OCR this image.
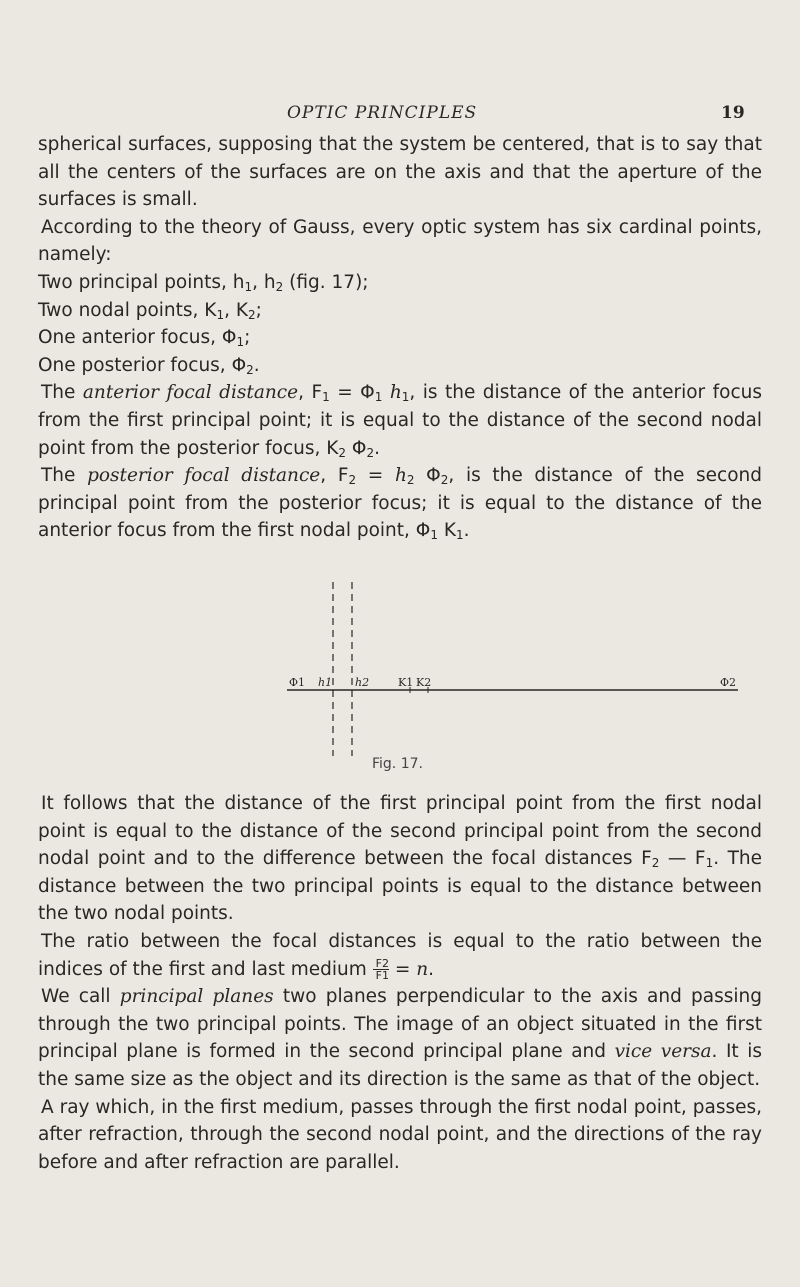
OPTIC PRINCIPLES	19

spherical surfaces, supposing that the system be centered, that is to say that all the centers of the surfaces are on the axis and that the aperture of the surfaces is small.

According to the theory of Gauss, every optic system has six cardinal points, namely:

Two principal points, $h_1$, $h_2$ (fig. 17);

Two nodal points, $K_1$, $K_2$;

One anterior focus, $\Phi_1$;

One posterior focus, $\Phi_2$.

The anterior focal distance, $F_1 = \Phi_1$ $h_1$, is the distance of the anterior focus from the first principal point; it is equal to the distance of the second nodal point from the posterior focus, $K_2$ $\Phi_2$.

The posterior focal distance, $F_2 = h_2$ $\Phi_2$, is the distance of the second principal point from the posterior focus; it is equal to the distance of the anterior focus from the first nodal point, $\Phi_1$ $K_1$.

Φ1 h1 h2	K1 K2	Φ2
Fig. 17.

It follows that the distance of the first principal point from the first nodal point is equal to the distance of the second principal point from the second nodal point and to the difference between the focal distances $F_2$ — $F_1$. The distance between the two principal points is equal to the distance between the two nodal points.

The ratio between the focal distances is equal to the ratio between the indices of the first and last medium $\frac{F2}{F1} = n$.

We call principal planes two planes perpendicular to the axis and passing through the two principal points. The image of an object situated in the first principal plane is formed in the second principal plane and vice versa. It is the same size as the object and its direction is the same as that of the object.

A ray which, in the first medium, passes through the first nodal point, passes, after refraction, through the second nodal point, and the directions of the ray before and after refraction are parallel.
